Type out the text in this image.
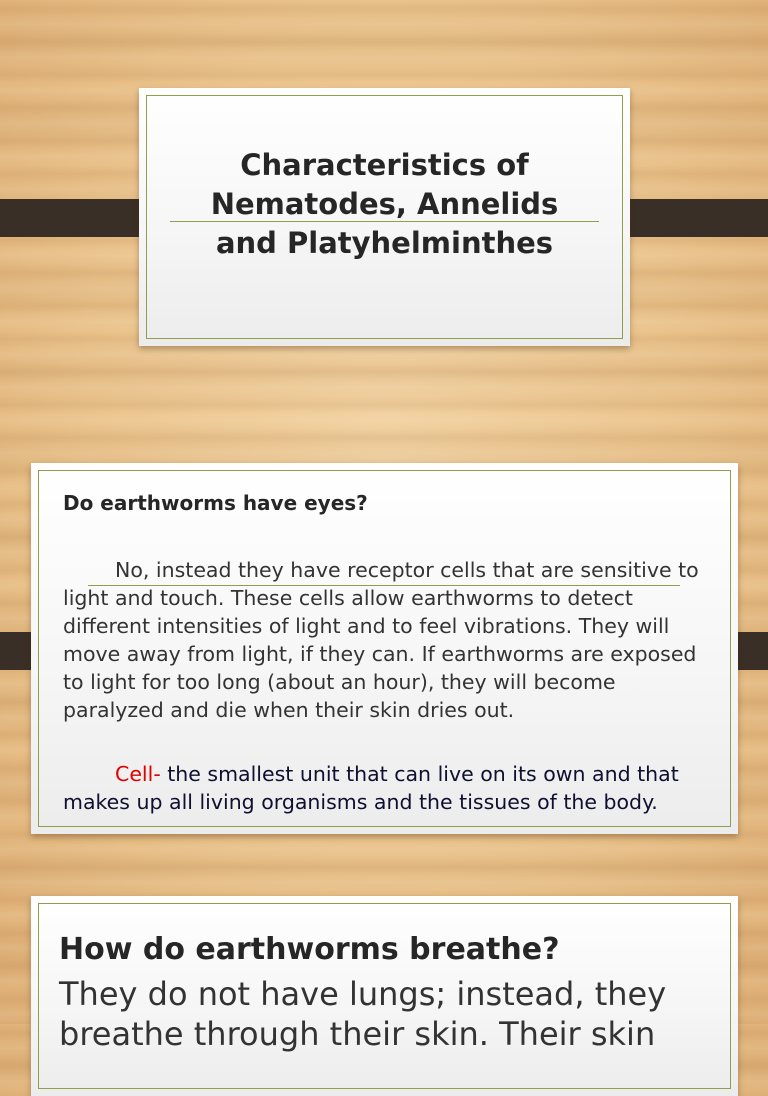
Characteristics of
Nematodes, Annelids
and Platyhelminthes
Do earthworms have eyes?
No, instead they have receptor cells that are sensitive to light and touch. These cells allow earthworms to detect different intensities of light and to feel vibrations. They will move away from light, if they can. If earthworms are exposed to light for too long (about an hour), they will become paralyzed and die when their skin dries out.
Cell- the smallest unit that can live on its own and that makes up all living organisms and the tissues of the body.
How do earthworms breathe?
They do not have lungs; instead, they breathe through their skin. Their skin
